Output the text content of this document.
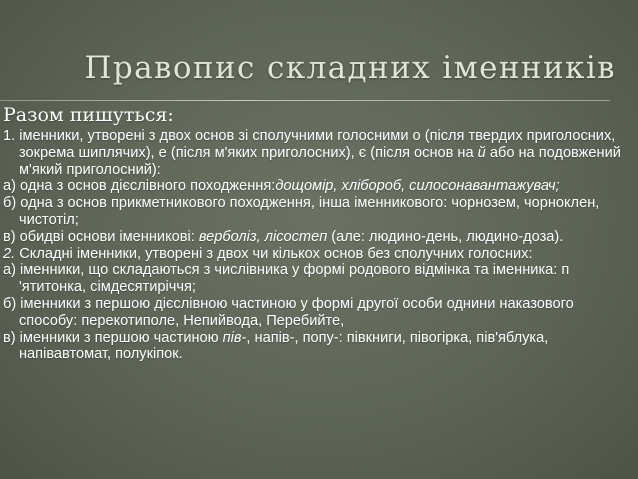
Правопис складних іменників
Разом пишуться:
1. іменники, утворені з двох основ зі сполучними голосними о (після твердих приголосних, зокрема шиплячих), е (після м'яких приголосних), є (після основ на й або на подовжений м'який приголосний):
а) одна з основ дієслівного походження:дощомір, хлібороб, силосонавантажувач;
б) одна з основ прикметникового походження, інша іменникового: чорнозем, чорноклен, чистотіл;
в) обидві основи іменникові: верболіз, лісостеп (але: людино-день, людино-доза).
2. Складні іменники, утворені з двох чи кількох основ без сполучних голосних:
а) іменники, що складаються з числівника у формі родового відмінка та іменника: п 'ятитонка, сімдесятиріччя;
б) іменники з першою дієслівною частиною у формі другої особи однини наказового способу: перекотиполе, Непийвода, Перебийте,
в) іменники з першою частиною пів-, напів-, попу-: півкниги, півогірка, пів'яблука, напівавтомат, полукіпок.
